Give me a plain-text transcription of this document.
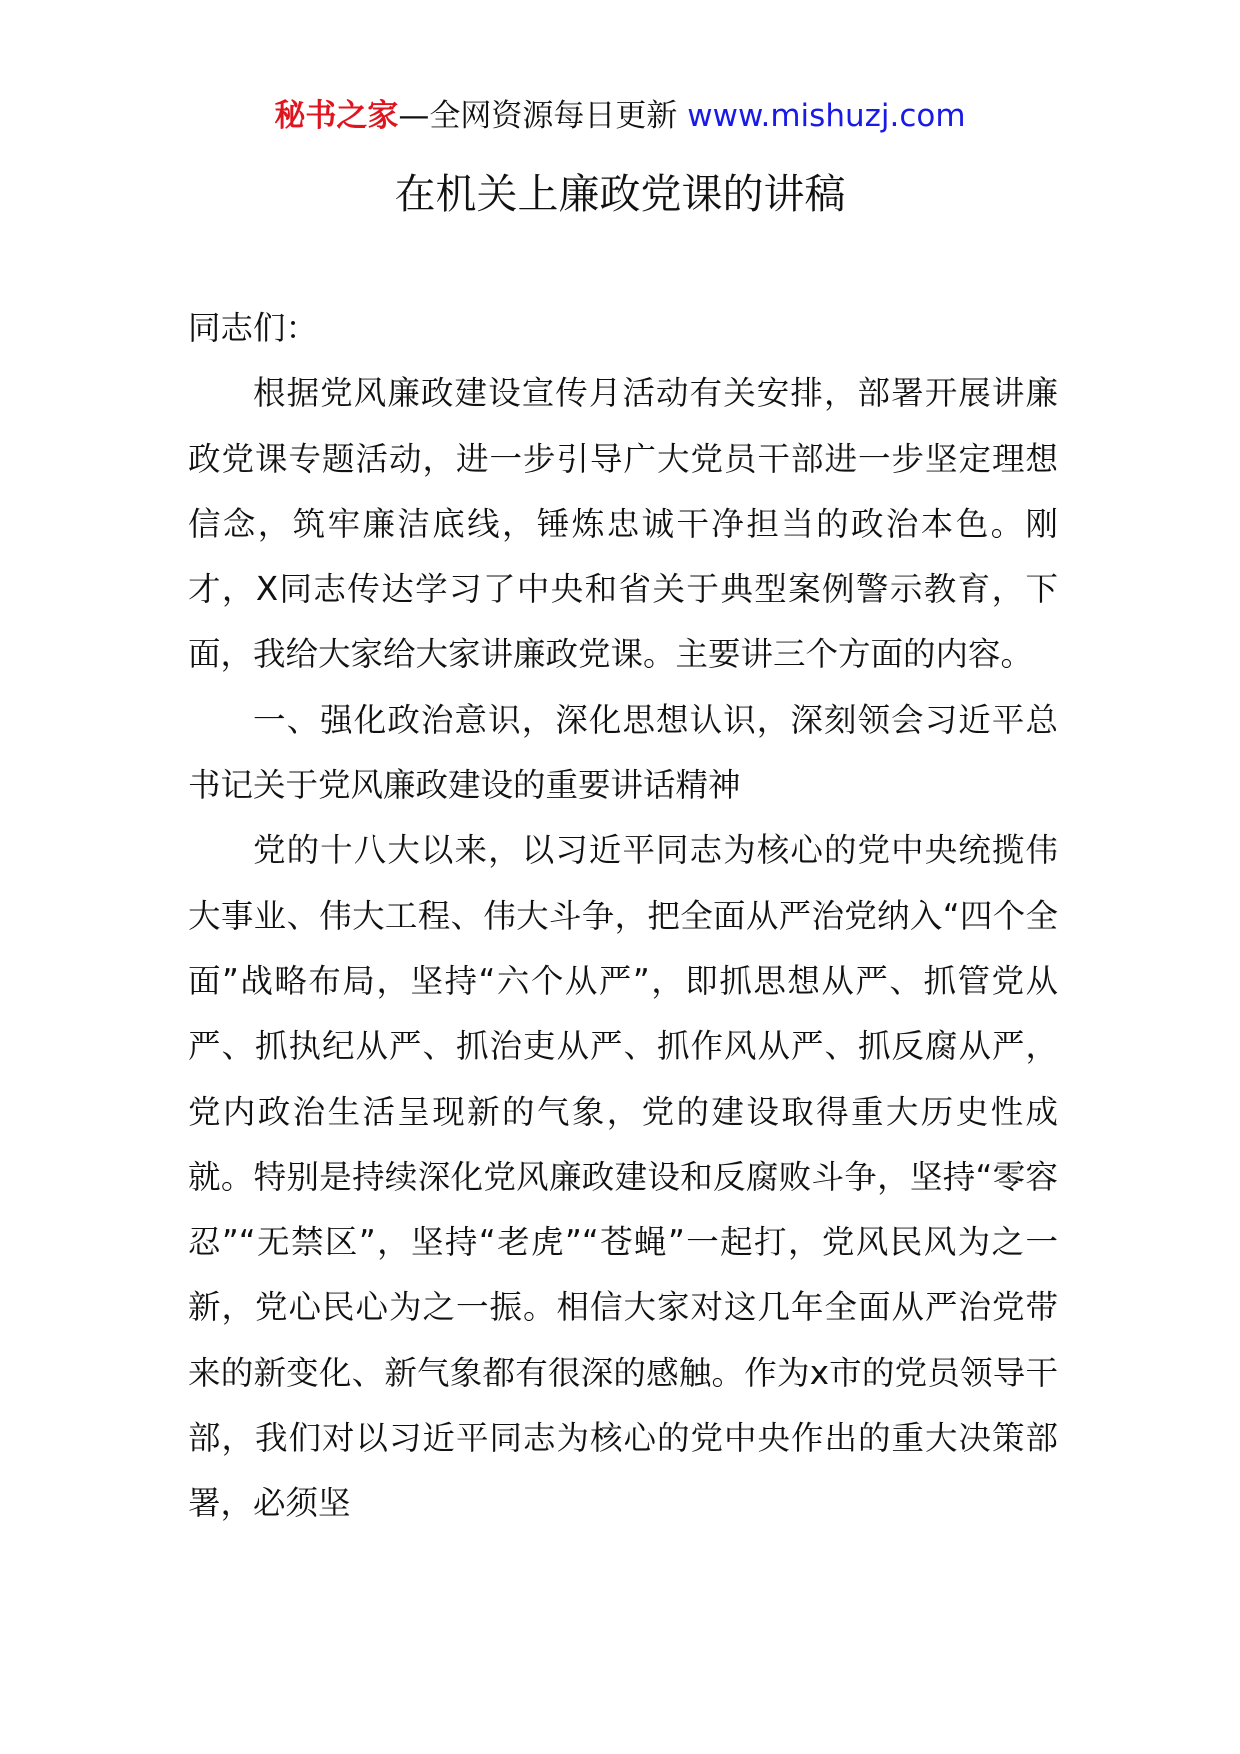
秘书之家—全网资源每日更新 www.mishuzj.com
在机关上廉政党课的讲稿

同志们：

根据党风廉政建设宣传月活动有关安排，部署开展讲廉政党课专题活动，进一步引导广大党员干部进一步坚定理想信念，筑牢廉洁底线，锤炼忠诚干净担当的政治本色。刚才，X同志传达学习了中央和省关于典型案例警示教育，下面，我给大家给大家讲廉政党课。主要讲三个方面的内容。

一、强化政治意识，深化思想认识，深刻领会习近平总书记关于党风廉政建设的重要讲话精神

党的十八大以来，以习近平同志为核心的党中央统揽伟大事业、伟大工程、伟大斗争，把全面从严治党纳入“四个全面”战略布局，坚持“六个从严”，即抓思想从严、抓管党从严、抓执纪从严、抓治吏从严、抓作风从严、抓反腐从严，党内政治生活呈现新的气象，党的建设取得重大历史性成就。特别是持续深化党风廉政建设和反腐败斗争，坚持“零容忍”“无禁区”，坚持“老虎”“苍蝇”一起打，党风民风为之一新，党心民心为之一振。相信大家对这几年全面从严治党带来的新变化、新气象都有很深的感触。作为x市的党员领导干部，我们对以习近平同志为核心的党中央作出的重大决策部署，必须坚
